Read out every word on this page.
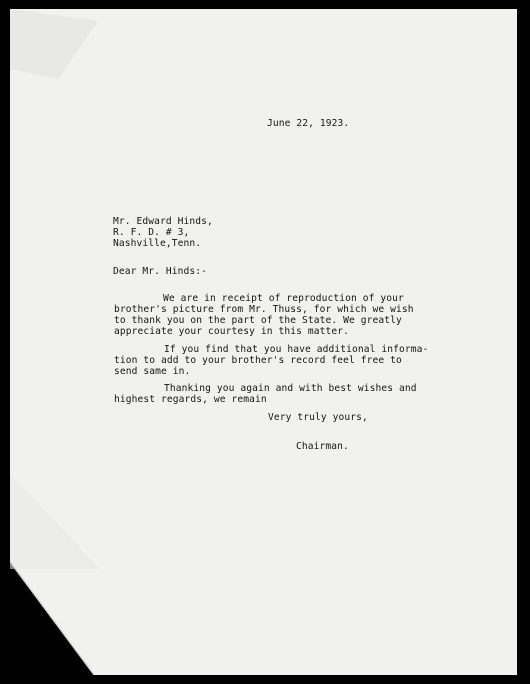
June 22, 1923.
Mr. Edward Hinds,
R. F. D. # 3,
Nashville,Tenn.
Dear Mr. Hinds:-
We are in receipt of reproduction of your
brother's picture from Mr. Thuss, for which we wish
to thank you on the part of the State. We greatly
appreciate your courtesy in this matter.
If you find that you have additional informa-
tion to add to your brother's record feel free to
send same in.
Thanking you again and with best wishes and
highest regards, we remain
Very truly yours,
Chairman.
